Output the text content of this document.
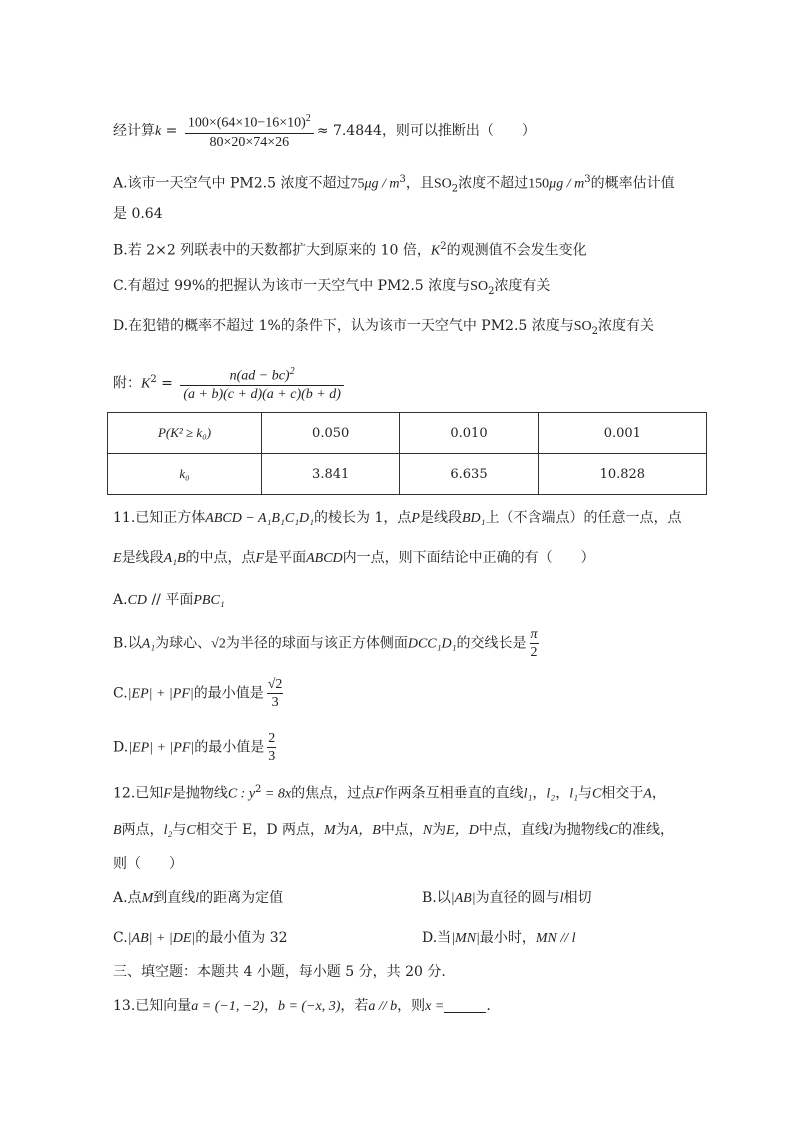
经计算$k = \frac{100\times(64\times 10-16\times 10)^2}{80\times 20\times 74\times 26} \approx 7.4844$，则可以推断出（　　）
A.该市一天空气中 PM2.5 浓度不超过$75\mu g / m^3$，且$SO_2$浓度不超过$150\mu g / m^3$的概率估计值
是 0.64
B.若 2×2 列联表中的天数都扩大到原来的 10 倍，$K^2$的观测值不会发生变化
C.有超过 99%的把握认为该市一天空气中 PM2.5 浓度与$SO_2$浓度有关
D.在犯错的概率不超过 1%的条件下，认为该市一天空气中 PM2.5 浓度与$SO_2$浓度有关
附：$K^2 = \frac{n(ad - bc)^2}{(a + b)(c + d)(a + c)(b + d)}$
P(K² ≥ k₀)	0.050	0.010	0.001
k₀	3.841	6.635	10.828
11.已知正方体ABCD − A₁B₁C₁D₁的棱长为 1，点P是线段BD₁上（不含端点）的任意一点，点
E是线段A₁B的中点，点F是平面ABCD内一点，则下面结论中正确的有（　　）
A.CD // 平面PBC₁
B.以A₁为球心、√2为半径的球面与该正方体侧面DCC₁D₁的交线长是 $\frac{\pi}{2}$
C.|EP| + |PF|的最小值是 $\frac{√2}{3}$
D.|EP| + |PF|的最小值是 $\frac{2}{3}$
12.已知F是抛物线C : $y^2 = 8x$的焦点，过点F作两条互相垂直的直线l₁，l₂，l₁与C相交于A，
B两点，l₂与C相交于 E，D 两点，M为A，B中点，N为E，D中点，直线l为抛物线C的准线，
则（　　）
A.点M到直线l的距离为定值	B.以|AB|为直径的圆与l相切
C.|AB| + |DE|的最小值为 32	D.当|MN|最小时，MN // l
三、填空题：本题共 4 小题，每小题 5 分，共 20 分.
13.已知向量a = (−1, −2)，b = (−x, 3)，若a // b，则x =	.
